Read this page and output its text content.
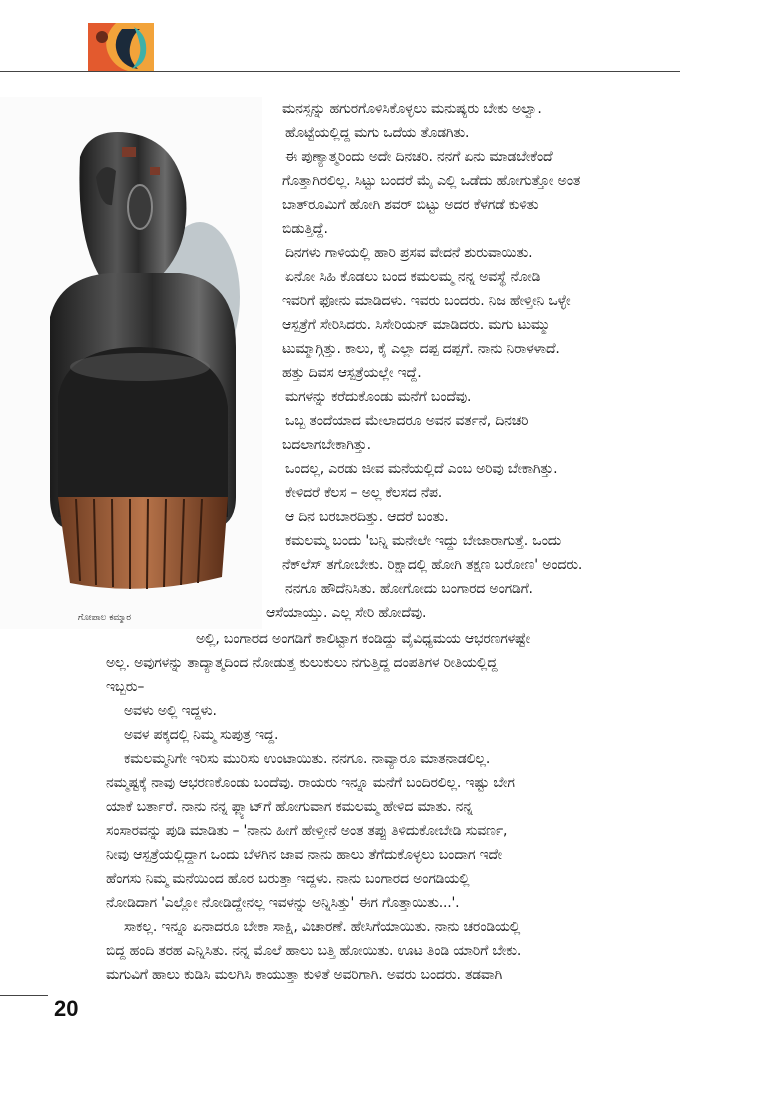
ಗೋಪಾಲ ಕಮ್ಮಾರ
ಮನಸ್ಸನ್ನು ಹಗುರಗೊಳಿಸಿಕೊಳ್ಳಲು ಮನುಷ್ಯರು ಬೇಕು ಅಲ್ವಾ.
ಹೊಟ್ಟೆಯಲ್ಲಿದ್ದ ಮಗು ಒದೆಯ ತೊಡಗಿತು.
ಈ ಪುಣ್ಯಾತ್ಮರಿಂದು ಅದೇ ದಿನಚರಿ. ನನಗೆ ಏನು ಮಾಡಬೇಕೆಂದೆ
ಗೊತ್ತಾಗಿರಲಿಲ್ಲ. ಸಿಟ್ಟು ಬಂದರೆ ಮೈ ಎಲ್ಲಿ ಒಡೆದು ಹೋಗುತ್ತೋ ಅಂತ
ಬಾತ್‌ರೂಮಿಗೆ ಹೋಗಿ ಶವರ್ ಬಿಟ್ಟು ಅದರ ಕೆಳಗಡೆ ಕುಳಿತು
ಬಿಡುತ್ತಿದ್ದೆ.
ದಿನಗಳು ಗಾಳಿಯಲ್ಲಿ ಹಾರಿ ಪ್ರಸವ ವೇದನೆ ಶುರುವಾಯಿತು.
ಏನೋ ಸಿಹಿ ಕೊಡಲು ಬಂದ ಕಮಲಮ್ಮ ನನ್ನ ಅವಸ್ಥೆ ನೋಡಿ
ಇವರಿಗೆ ಫೋನು ಮಾಡಿದಳು. ಇವರು ಬಂದರು. ನಿಜ ಹೇಳ್ತೀನಿ ಒಳ್ಳೇ
ಆಸ್ಪತ್ರೆಗೆ ಸೇರಿಸಿದರು. ಸಿಸೇರಿಯನ್ ಮಾಡಿದರು. ಮಗು ಟುಮ್ಮು
ಟುಮ್ಮಾಗ್ಗಿತ್ತು. ಕಾಲು, ಕೈ ಎಲ್ಲಾ ದಪ್ಪ ದಪ್ಪಗೆ. ನಾನು ನಿರಾಳಳಾದೆ.
ಹತ್ತು ದಿವಸ ಆಸ್ಪತ್ರೆಯಲ್ಲೇ ಇದ್ದೆ.
ಮಗಳನ್ನು ಕರೆದುಕೊಂಡು ಮನೆಗೆ ಬಂದೆವು.
ಒಬ್ಬ ತಂದೆಯಾದ ಮೇಲಾದರೂ ಅವನ ವರ್ತನೆ, ದಿನಚರಿ
ಬದಲಾಗಬೇಕಾಗಿತ್ತು.
ಒಂದಲ್ಲ, ಎರಡು ಜೀವ ಮನೆಯಲ್ಲಿದೆ ಎಂಬ ಅರಿವು ಬೇಕಾಗಿತ್ತು.
ಕೇಳಿದರೆ ಕೆಲಸ – ಅಲ್ಲ ಕೆಲಸದ ನೆಪ.
ಆ ದಿನ ಬರಬಾರದಿತ್ತು. ಆದರೆ ಬಂತು.
ಕಮಲಮ್ಮ ಬಂದು 'ಬನ್ನಿ ಮನೇಲೇ ಇದ್ದು ಬೇಜಾರಾಗುತ್ತೆ. ಒಂದು
ನೆಕ್‌ಲೆಸ್ ತಗೋಬೇಕು. ರಿಕ್ಷಾದಲ್ಲಿ ಹೋಗಿ ತಕ್ಷಣ ಬರೋಣ' ಅಂದರು.
ನನಗೂ ಹೌದೆನಿಸಿತು. ಹೋಗೋದು ಬಂಗಾರದ ಅಂಗಡಿಗೆ.
ಆಸೆಯಾಯ್ತು. ಎಲ್ಲ ಸೇರಿ ಹೋದೆವು.
ಅಲ್ಲಿ, ಬಂಗಾರದ ಅಂಗಡಿಗೆ ಕಾಲಿಟ್ಟಾಗ ಕಂಡಿದ್ದು ವೈವಿಧ್ಯಮಯ ಆಭರಣಗಳಷ್ಟೇ
ಅಲ್ಲ. ಅವುಗಳನ್ನು ತಾದ್ಯಾತ್ಮದಿಂದ ನೋಡುತ್ತ ಕುಲುಕುಲು ನಗುತ್ತಿದ್ದ ದಂಪತಿಗಳ ರೀತಿಯಲ್ಲಿದ್ದ
ಇಬ್ಬರು–
ಅವಳು ಅಲ್ಲಿ ಇದ್ದಳು.
ಅವಳ ಪಕ್ಕದಲ್ಲಿ ನಿಮ್ಮ ಸುಪುತ್ರ ಇದ್ದ.
ಕಮಲಮ್ಮನಿಗೇ ಇರಿಸು ಮುರಿಸು ಉಂಟಾಯಿತು. ನನಗೂ. ನಾವ್ಯಾರೂ ಮಾತನಾಡಲಿಲ್ಲ.
ನಮ್ಮಷ್ಟಕ್ಕೆ ನಾವು ಆಭರಣಕೊಂಡು ಬಂದೆವು. ರಾಯರು ಇನ್ನೂ ಮನೆಗೆ ಬಂದಿರಲಿಲ್ಲ. ಇಷ್ಟು ಬೇಗ
ಯಾಕೆ ಬರ್ತಾರೆ. ನಾನು ನನ್ನ ಫ್ಲ್ಯಾಟ್‌ಗೆ ಹೋಗುವಾಗ ಕಮಲಮ್ಮ ಹೇಳಿದ ಮಾತು. ನನ್ನ
ಸಂಸಾರವನ್ನು ಪುಡಿ ಮಾಡಿತು – 'ನಾನು ಹೀಗೆ ಹೇಳ್ತೀನೆ ಅಂತ ತಪ್ಪು ತಿಳಿದುಕೋಬೇಡಿ ಸುವರ್ಣ,
ನೀವು ಆಸ್ಪತ್ರೆಯಲ್ಲಿದ್ದಾಗ ಒಂದು ಬೆಳಗಿನ ಜಾವ ನಾನು ಹಾಲು ತೆಗೆದುಕೊಳ್ಳಲು ಬಂದಾಗ ಇದೇ
ಹೆಂಗಸು ನಿಮ್ಮ ಮನೆಯಿಂದ ಹೊರ ಬರುತ್ತಾ ಇದ್ದಳು. ನಾನು ಬಂಗಾರದ ಅಂಗಡಿಯಲ್ಲಿ
ನೋಡಿದಾಗ 'ಎಲ್ಲೋ ನೋಡಿದ್ದೇನಲ್ಲ ಇವಳನ್ನು ಅನ್ನಿಸಿತ್ತು' ಈಗ ಗೊತ್ತಾಯಿತು...'.
ಸಾಕಲ್ಲ. ಇನ್ನೂ ಏನಾದರೂ ಬೇಕಾ ಸಾಕ್ಷಿ, ವಿಚಾರಣೆ. ಹೇಸಿಗೆಯಾಯಿತು. ನಾನು ಚರಂಡಿಯಲ್ಲಿ
ಬಿದ್ದ ಹಂದಿ ತರಹ ಎನ್ನಿಸಿತು. ನನ್ನ ಮೊಲೆ ಹಾಲು ಬತ್ತಿ ಹೋಯಿತು. ಊಟ ತಿಂಡಿ ಯಾರಿಗೆ ಬೇಕು.
ಮಗುವಿಗೆ ಹಾಲು ಕುಡಿಸಿ ಮಲಗಿಸಿ ಕಾಯುತ್ತಾ ಕುಳಿತೆ ಅವರಿಗಾಗಿ. ಅವರು ಬಂದರು. ತಡವಾಗಿ
20
